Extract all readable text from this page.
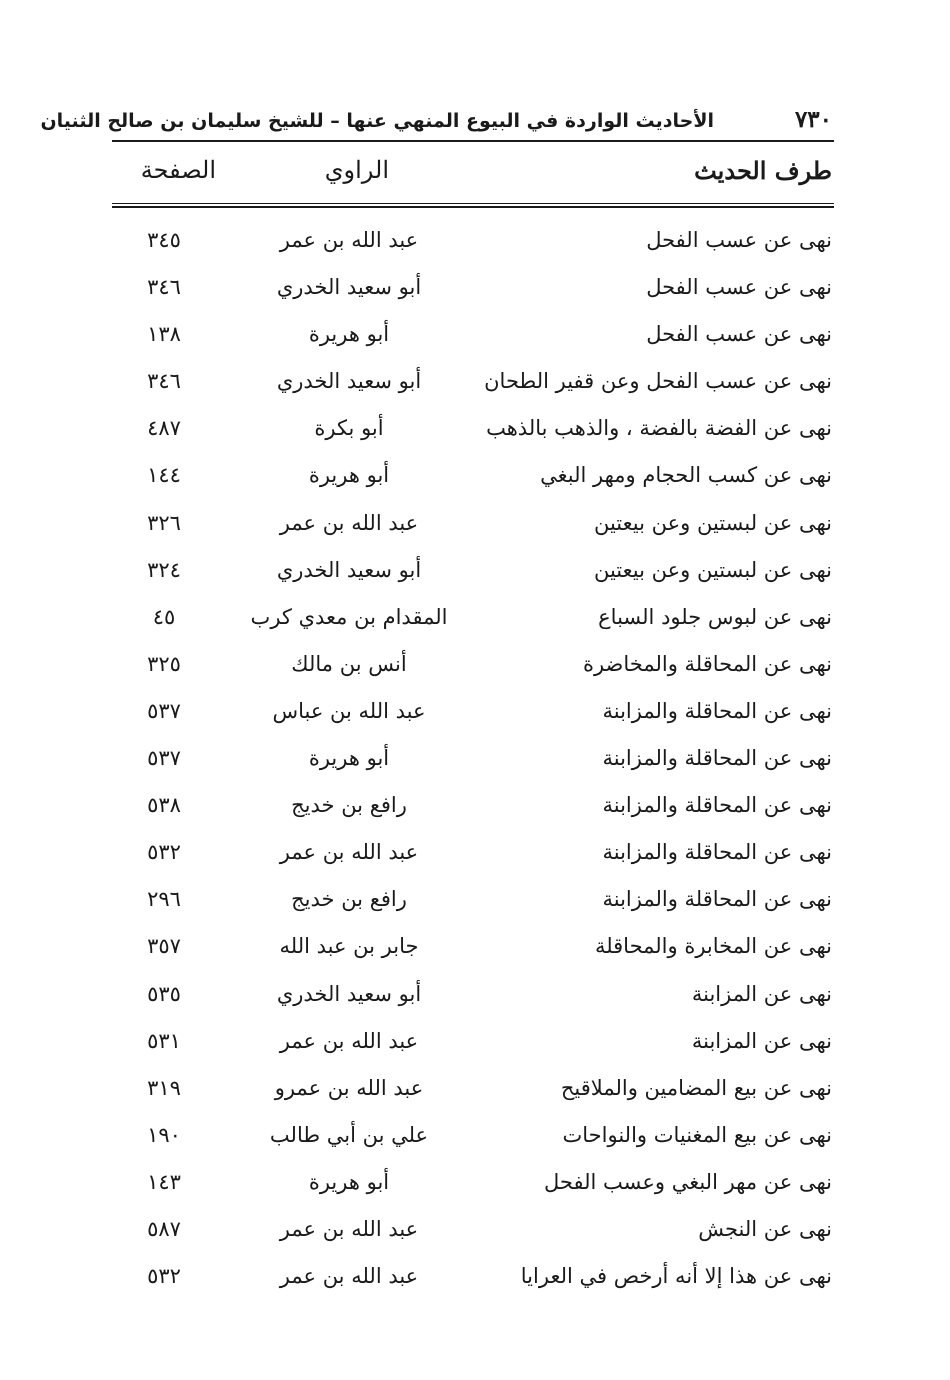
٧٣٠
الأحاديث الواردة في البيوع المنهي عنها – للشيخ سليمان بن صالح الثنيان
طرف الحديث
الراوي
الصفحة
نهى عن عسب الفحل
عبد الله بن عمر
٣٤٥
نهى عن عسب الفحل
أبو سعيد الخدري
٣٤٦
نهى عن عسب الفحل
أبو هريرة
١٣٨
نهى عن عسب الفحل وعن قفير الطحان
أبو سعيد الخدري
٣٤٦
نهى عن الفضة بالفضة ، والذهب بالذهب
أبو بكرة
٤٨٧
نهى عن كسب الحجام ومهر البغي
أبو هريرة
١٤٤
نهى عن لبستين وعن بيعتين
عبد الله بن عمر
٣٢٦
نهى عن لبستين وعن بيعتين
أبو سعيد الخدري
٣٢٤
نهى عن لبوس جلود السباع
المقدام بن معدي كرب
٤٥
نهى عن المحاقلة والمخاضرة
أنس بن مالك
٣٢٥
نهى عن المحاقلة والمزابنة
عبد الله بن عباس
٥٣٧
نهى عن المحاقلة والمزابنة
أبو هريرة
٥٣٧
نهى عن المحاقلة والمزابنة
رافع بن خديج
٥٣٨
نهى عن المحاقلة والمزابنة
عبد الله بن عمر
٥٣٢
نهى عن المحاقلة والمزابنة
رافع بن خديج
٢٩٦
نهى عن المخابرة والمحاقلة
جابر بن عبد الله
٣٥٧
نهى عن المزابنة
أبو سعيد الخدري
٥٣٥
نهى عن المزابنة
عبد الله بن عمر
٥٣١
نهى عن بيع المضامين والملاقيح
عبد الله بن عمرو
٣١٩
نهى عن بيع المغنيات والنواحات
علي بن أبي طالب
١٩٠
نهى عن مهر البغي وعسب الفحل
أبو هريرة
١٤٣
نهى عن النجش
عبد الله بن عمر
٥٨٧
نهى عن هذا إلا أنه أرخص في العرايا
عبد الله بن عمر
٥٣٢
